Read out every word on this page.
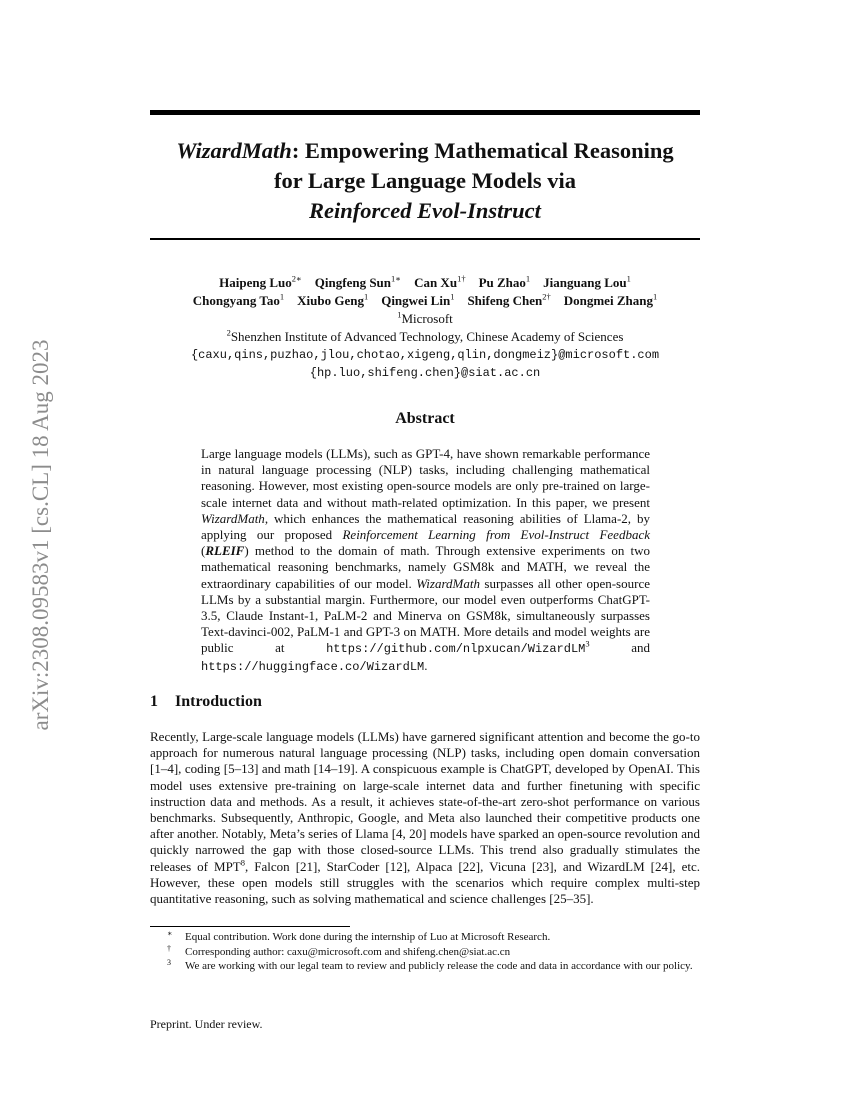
arXiv:2308.09583v1 [cs.CL] 18 Aug 2023
WizardMath: Empowering Mathematical Reasoning
for Large Language Models via
Reinforced Evol-Instruct
Haipeng Luo$^{2∗}$ Qingfeng Sun$^{1∗}$ Can $Xu^{1\dagger}$ Pu Zhao$^1$ Jianguang Lou$^1$
Chongyang Tao$^1$ Xiubo Geng$^1$ Qingwei Lin$^1$ Shifeng Chen$^{2\dagger}$ Dongmei Zhang$^1$
$^1$Microsoft
$^2$Shenzhen Institute of Advanced Technology, Chinese Academy of Sciences
{caxu,qins,puzhao,jlou,chotao,xigeng,qlin,dongmeiz}@microsoft.com
{hp.luo,shifeng.chen}@siat.ac.cn
Abstract
Large language models (LLMs), such as GPT-4, have shown remarkable performance in natural language processing (NLP) tasks, including challenging mathematical reasoning. However, most existing open-source models are only pre-trained on large-scale internet data and without math-related optimization. In this paper, we present WizardMath, which enhances the mathematical reasoning abilities of Llama-2, by applying our proposed Reinforcement Learning from Evol-Instruct Feedback (RLEIF) method to the domain of math. Through extensive experiments on two mathematical reasoning benchmarks, namely GSM8k and MATH, we reveal the extraordinary capabilities of our model. WizardMath surpasses all other open-source LLMs by a substantial margin. Furthermore, our model even outperforms ChatGPT-3.5, Claude Instant-1, PaLM-2 and Minerva on GSM8k, simultaneously surpasses Text-davinci-002, PaLM-1 and GPT-3 on MATH. More details and model weights are public at https://github.com/nlpxucan/WizardLM$^3$ and https://huggingface.co/WizardLM.
1 Introduction
Recently, Large-scale language models (LLMs) have garnered significant attention and become the go-to approach for numerous natural language processing (NLP) tasks, including open domain conversation [1–4], coding [5–13] and math [14–19]. A conspicuous example is ChatGPT, developed by OpenAI. This model uses extensive pre-training on large-scale internet data and further finetuning with specific instruction data and methods. As a result, it achieves state-of-the-art zero-shot performance on various benchmarks. Subsequently, Anthropic, Google, and Meta also launched their competitive products one after another. Notably, Meta’s series of Llama [4, 20] models have sparked an open-source revolution and quickly narrowed the gap with those closed-source LLMs. This trend also gradually stimulates the releases of MPT$^8$, Falcon [21], StarCoder [12], Alpaca [22], Vicuna [23], and WizardLM [24], etc. However, these open models still struggles with the scenarios which require complex multi-step quantitative reasoning, such as solving mathematical and science challenges [25–35].
∗ Equal contribution. Work done during the internship of Luo at Microsoft Research.
† Corresponding author: caxu@microsoft.com and shifeng.chen@siat.ac.cn
3 We are working with our legal team to review and publicly release the code and data in accordance with our policy.
Preprint. Under review.
